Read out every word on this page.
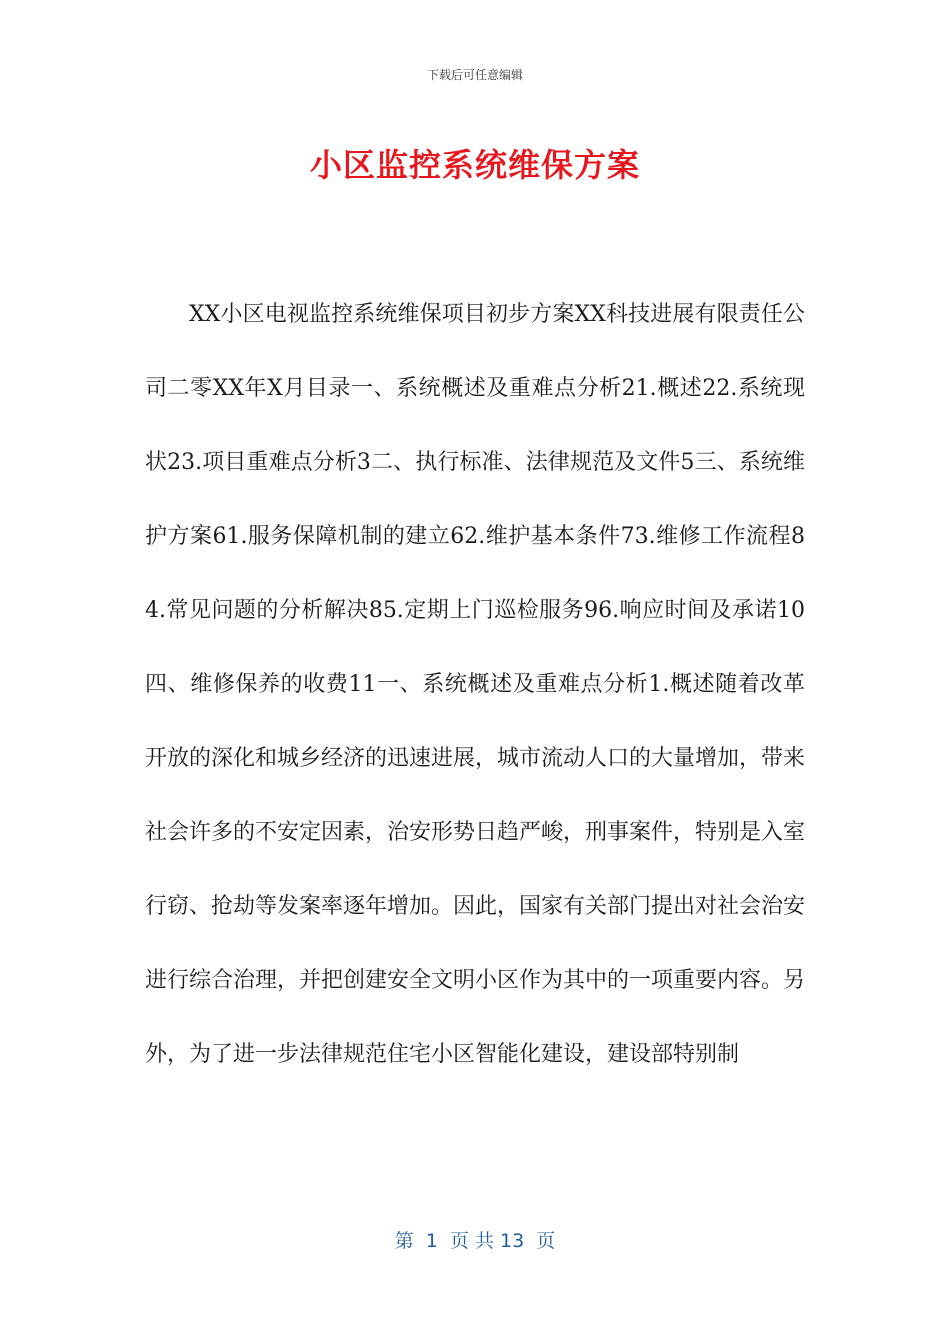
下载后可任意编辑
小区监控系统维保方案

XX小区电视监控系统维保项目初步方案XX科技进展有限责任公司二零XX年X月目录一、系统概述及重难点分析21.概述22.系统现状23.项目重难点分析3二、执行标准、法律规范及文件5三、系统维护方案61.服务保障机制的建立62.维护基本条件73.维修工作流程84.常见问题的分析解决85.定期上门巡检服务96.响应时间及承诺10四、维修保养的收费11一、系统概述及重难点分析1.概述随着改革开放的深化和城乡经济的迅速进展，城市流动人口的大量增加，带来社会许多的不安定因素，治安形势日趋严峻，刑事案件，特别是入室行窃、抢劫等发案率逐年增加。因此，国家有关部门提出对社会治安进行综合治理，并把创建安全文明小区作为其中的一项重要内容。另外，为了进一步法律规范住宅小区智能化建设，建设部特别制

第  1  页 共 13  页
